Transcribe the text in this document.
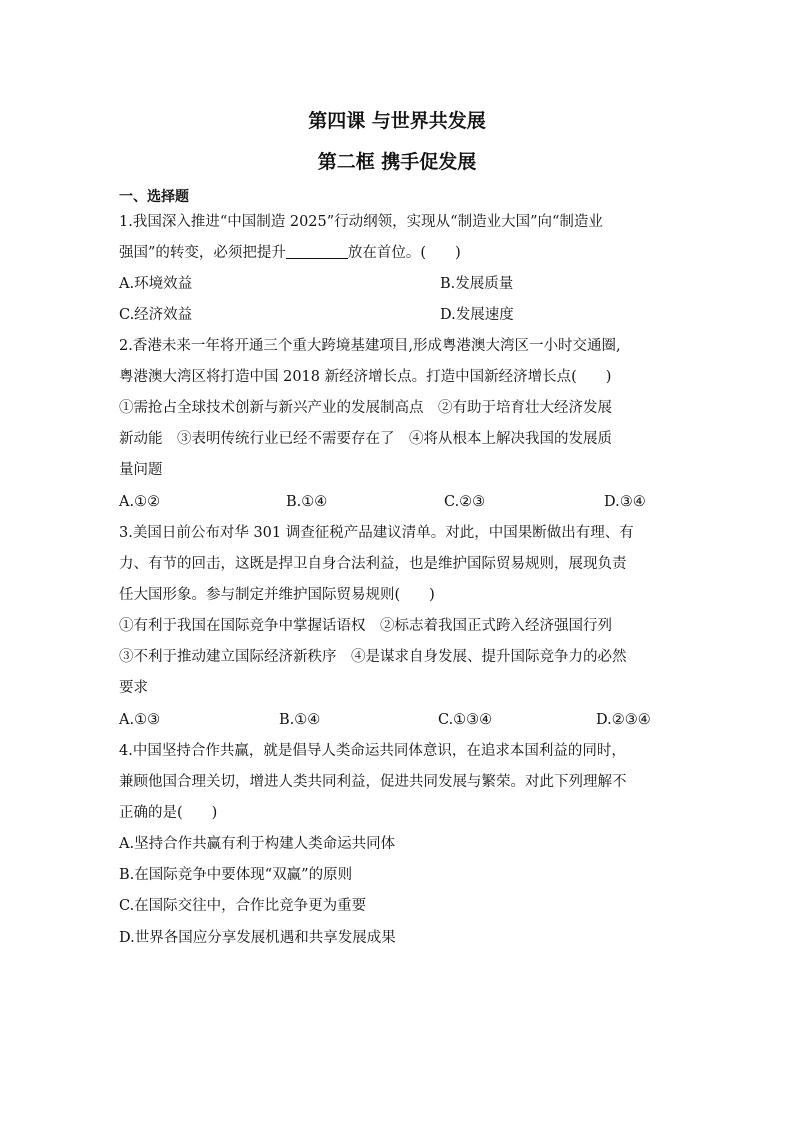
第四课 与世界共发展
第二框 携手促发展
一、选择题
1.我国深入推进“中国制造 2025”行动纲领，实现从“制造业大国”向“制造业
强国”的转变，必须把提升	放在首位。(　　)
A.环境效益	B.发展质量
C.经济效益	D.发展速度
2.香港未来一年将开通三个重大跨境基建项目,形成粤港澳大湾区一小时交通圈,
粤港澳大湾区将打造中国 2018 新经济增长点。打造中国新经济增长点(　　)
①需抢占全球技术创新与新兴产业的发展制高点　②有助于培育壮大经济发展
新动能　③表明传统行业已经不需要存在了　④将从根本上解决我国的发展质
量问题
A.①②	B.①④	C.②③	D.③④
3.美国日前公布对华 301 调查征税产品建议清单。对此，中国果断做出有理、有
力、有节的回击，这既是捍卫自身合法利益，也是维护国际贸易规则，展现负责
任大国形象。参与制定并维护国际贸易规则(　　)
①有利于我国在国际竞争中掌握话语权　②标志着我国正式跨入经济强国行列
③不利于推动建立国际经济新秩序　④是谋求自身发展、提升国际竞争力的必然
要求
A.①③	B.①④	C.①③④	D.②③④
4.中国坚持合作共赢，就是倡导人类命运共同体意识，在追求本国利益的同时，
兼顾他国合理关切，增进人类共同利益，促进共同发展与繁荣。对此下列理解不
正确的是(　　)
A.坚持合作共赢有利于构建人类命运共同体
B.在国际竞争中要体现“双赢”的原则
C.在国际交往中，合作比竞争更为重要
D.世界各国应分享发展机遇和共享发展成果
